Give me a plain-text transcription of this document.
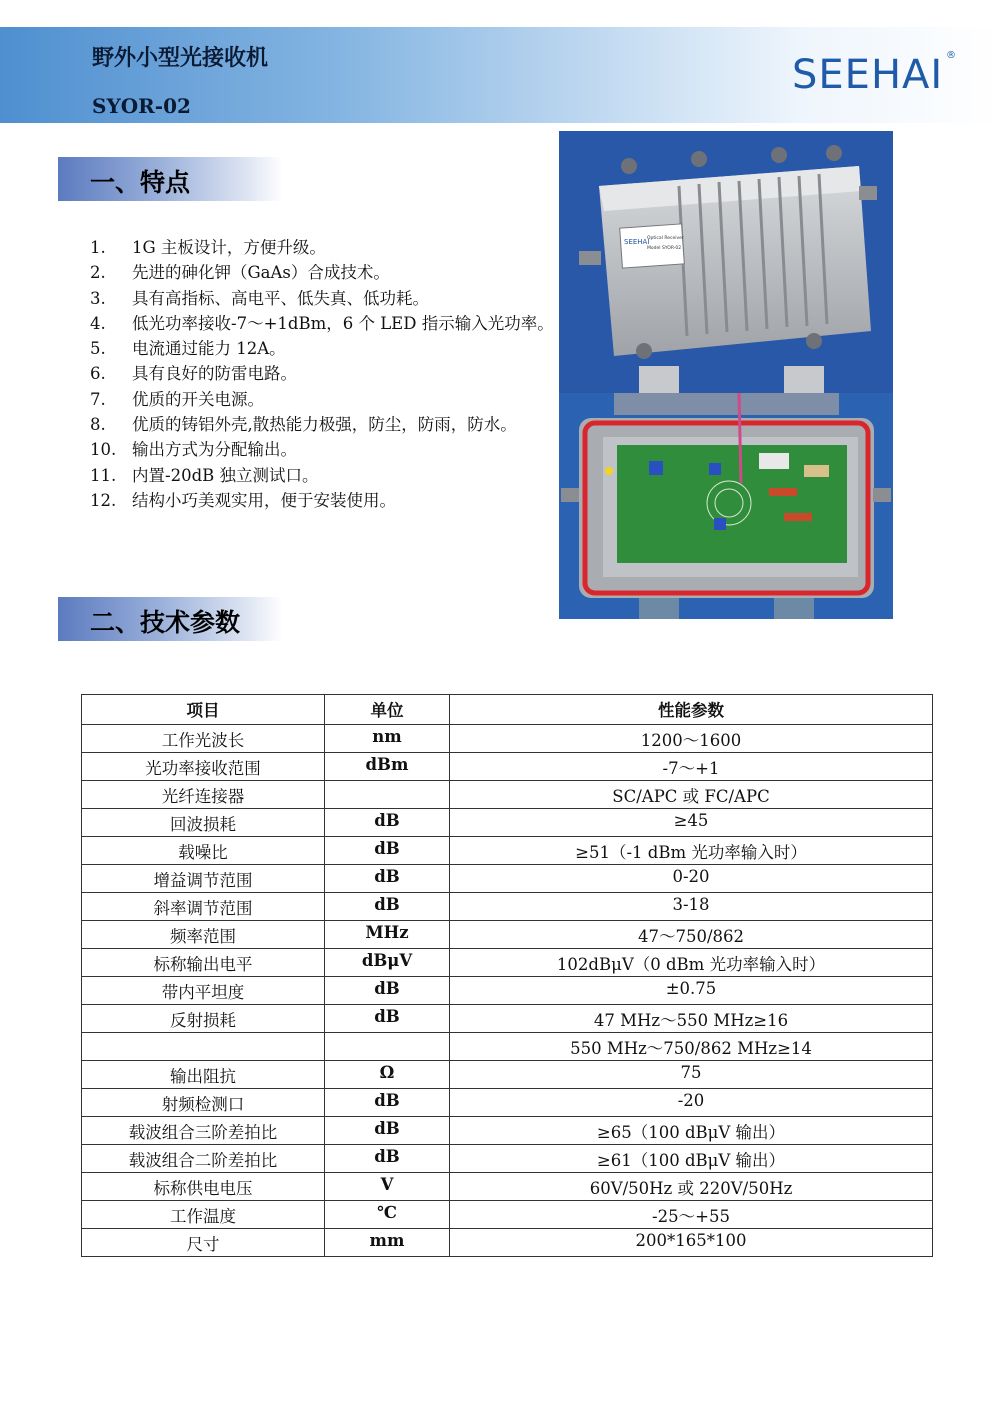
野外小型光接收机
SYOR-02
SEEHAI ®
一、特点
1.	1G 主板设计，方便升级。
2.	先进的砷化钾（GaAs）合成技术。
3.	具有高指标、高电平、低失真、低功耗。
4.	低光功率接收-7～+1dBm，6 个 LED 指示输入光功率。
5.	电流通过能力 12A。
6.	具有良好的防雷电路。
7.	优质的开关电源。
8.	优质的铸铝外壳,散热能力极强，防尘，防雨，防水。
10. 输出方式为分配输出。
11. 内置-20dB 独立测试口。
12. 结构小巧美观实用，便于安装使用。
二、技术参数
SEEHAI
Optical Receiver
Model SYOR-02
项目	单位	性能参数
工作光波长	nm	1200～1600
光功率接收范围	dBm	-7～+1
光纤连接器		SC/APC 或 FC/APC
回波损耗	dB	≥45
载噪比	dB	≥51（-1 dBm 光功率输入时）
增益调节范围	dB	0-20
斜率调节范围	dB	3-18
频率范围	MHz	47～750/862
标称输出电平	dBμV	102dBμV（0 dBm 光功率输入时）
带内平坦度	dB	±0.75
反射损耗	dB	47 MHz～550 MHz≥16
		550 MHz～750/862 MHz≥14
输出阻抗	Ω	75
射频检测口	dB	-20
载波组合三阶差拍比	dB	≥65（100 dBμV 输出）
载波组合二阶差拍比	dB	≥61（100 dBμV 输出）
标称供电电压	V	60V/50Hz 或 220V/50Hz
工作温度	℃	-25～+55
尺寸	mm	200*165*100
